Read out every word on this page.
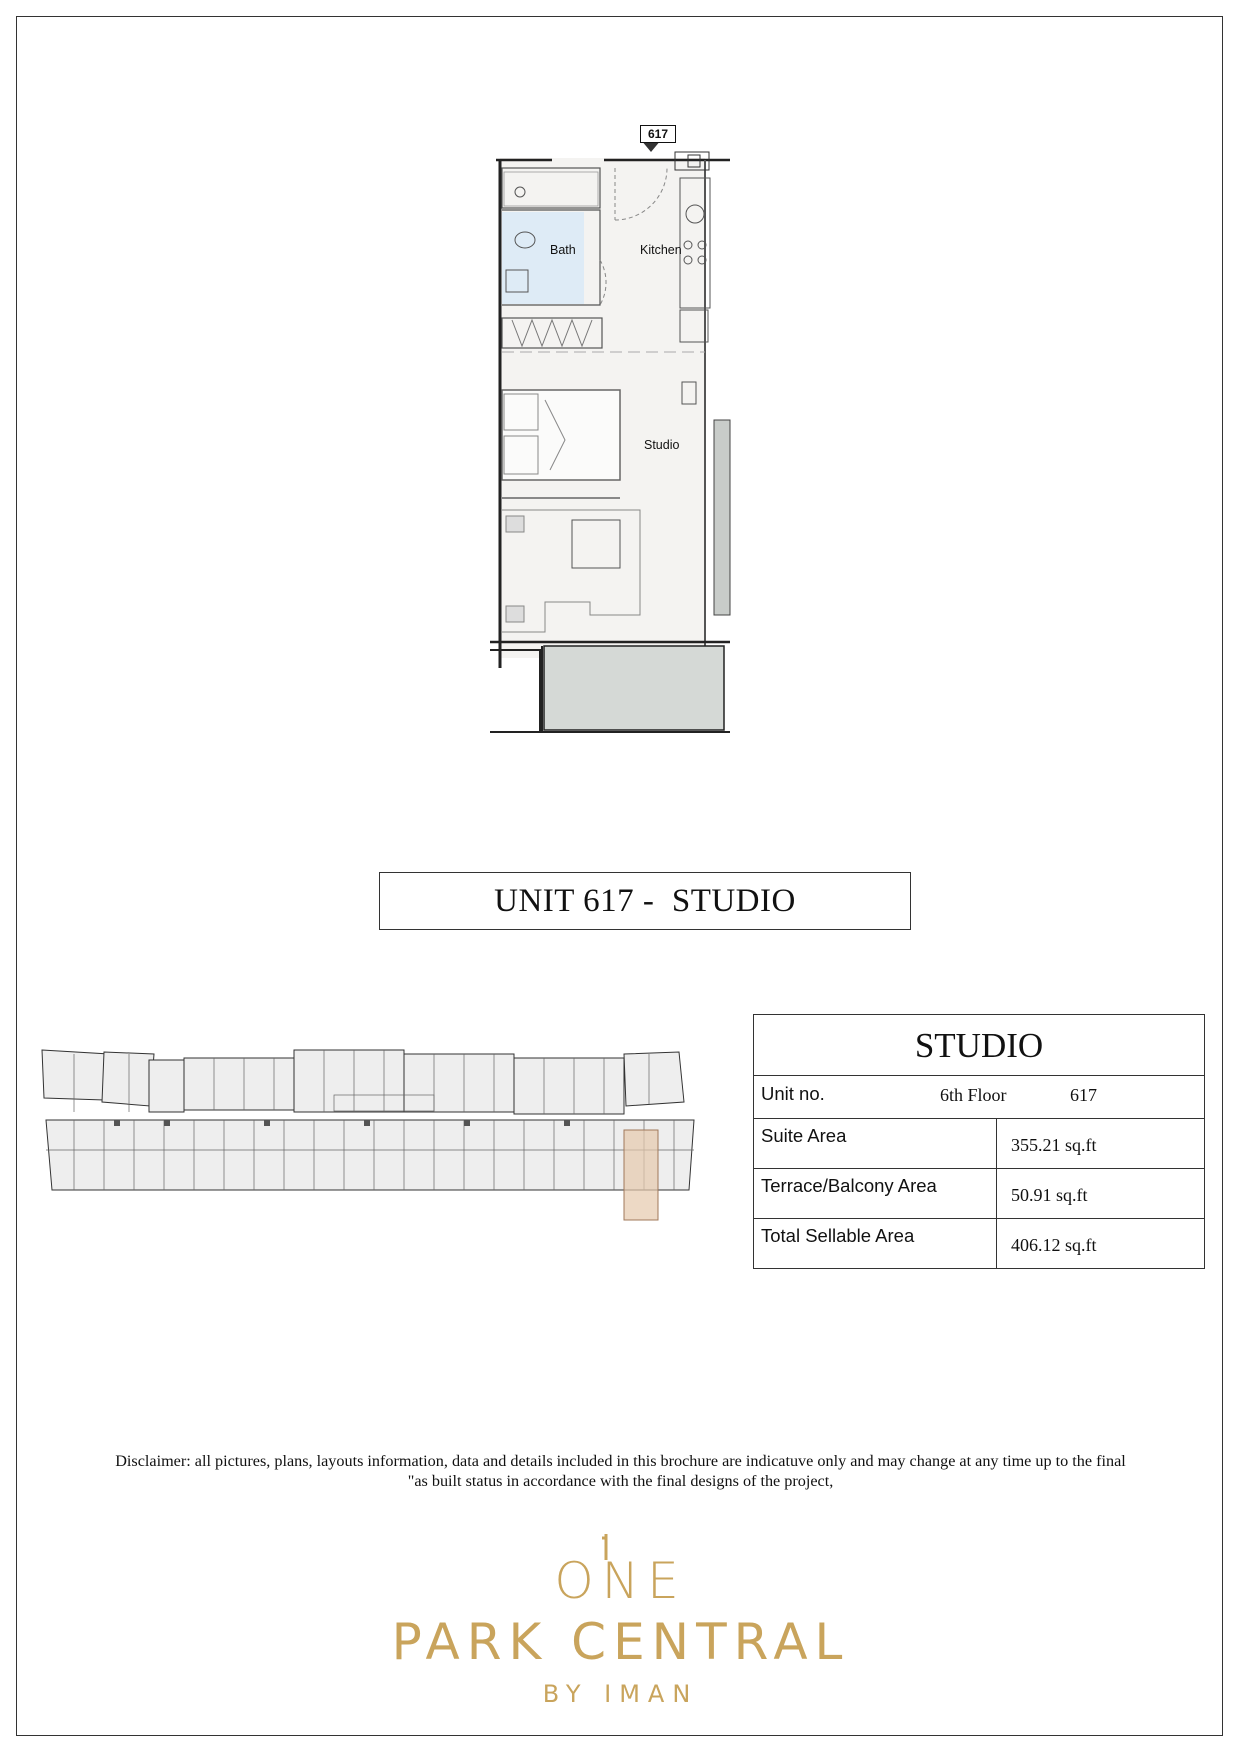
617
Bath	Kitchen
Studio
UNIT 617 -  STUDIO
STUDIO	

Unit no. 6th Floor 617	

Suite Area	355.21 sq.ft
Terrace/Balcony Area	50.91 sq.ft
Total Sellable Area	406.12 sq.ft
Disclaimer: all pictures, plans, layouts information, data and details included in this brochure are indicatuve only and may change at any time up to the final
"as built status in accordance with the final designs of the project,
ONE
PARK CENTRAL
BY IMAN
